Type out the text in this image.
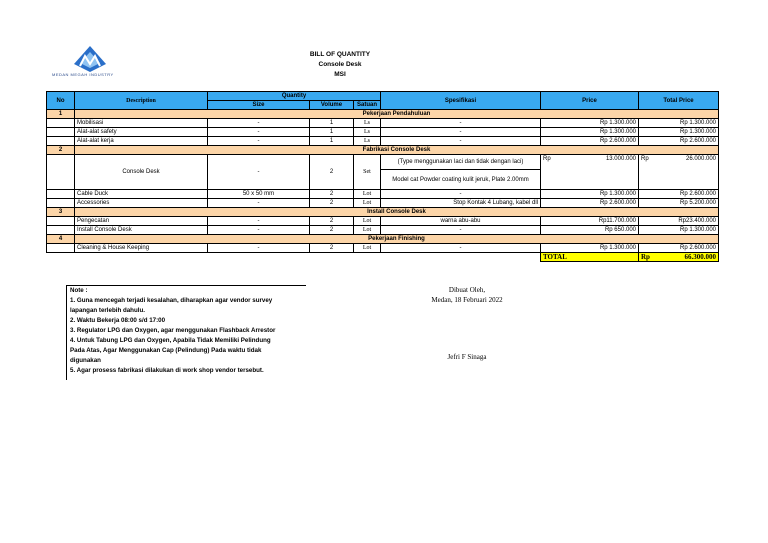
MEDAN MEGAH INDUSTRY
BILL OF QUANTITY
Console Desk
MSI
No	Description	Quantity			Spesifikasi	Price		Total Price	
		Size	Volume	Satuan					
1	Pekerjaan Pendahuluan								
	Mobilisasi	-	1	Ls	-	Rp 1.300.000		Rp 1.300.000	
	Alat-alat safety	-	1	Ls	-	Rp 1.300.000		Rp 1.300.000	
	Alat-alat kerja	-	1	Ls	-	Rp 2.600.000		Rp 2.600.000	
2	Fabrikasi Console Desk								
	Console Desk	-	2	Set	(Type menggunakan laci dan tidak dengan laci)	Rp	13.000.000	Rp	26.000.000
					Model cat Powder coating kulit jeruk, Plate 2.00mm				
	Cable Duck	50 x 50 mm	2	Lot	-	Rp 1.300.000		Rp 2.600.000	
	Accessories	-	2	Lot	Stop Kontak 4 Lubang, kabel dll	Rp 2.600.000		Rp 5.200.000	
3	Install Console Desk								
	Pengecatan	-	2	Lot	warna abu-abu	Rp11.700.000		Rp23.400.000	
	Install Console Desk	-	2	Lot	-	Rp 650.000		Rp 1.300.000	
4	Pekerjaan Finishing								
	Cleaning & House Keeping	-	2	Lot	-	Rp 1.300.000		Rp 2.600.000	
						TOTAL		Rp	66.300.000
Note :
1. Guna mencegah terjadi kesalahan, diharapkan agar vendor survey
lapangan terlebih dahulu.
2. Waktu Bekerja 08:00 s/d 17:00
3. Regulator LPG dan Oxygen, agar menggunakan Flashback Arrestor
4. Untuk Tabung LPG dan Oxygen, Apabila Tidak Memiliki Pelindung
Pada Atas, Agar Menggunakan Cap (Pelindung) Pada waktu tidak
digunakan
5. Agar prosess fabrikasi dilakukan di work shop vendor tersebut.
Dibuat Oleh,
Medan, 18 Februari 2022
Jefri F Sinaga
